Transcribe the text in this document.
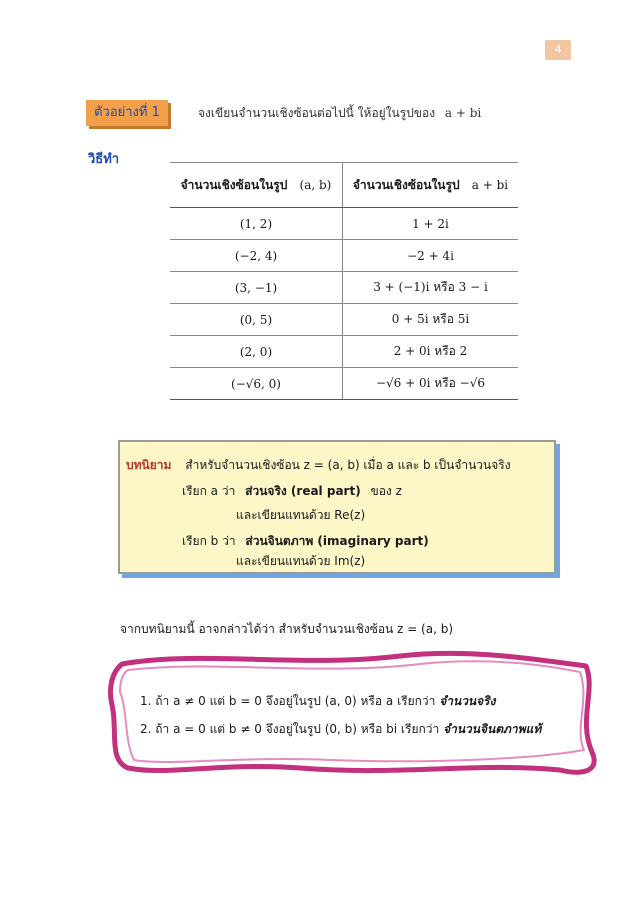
4
ตัวอย่างที่ 1	จงเขียนจำนวนเชิงซ้อนต่อไปนี้ ให้อยู่ในรูปของ a + bi
วิธีทำ
จำนวนเชิงซ้อนในรูป (a, b)	จำนวนเชิงซ้อนในรูป a + bi
(1, 2)	1 + 2i
(−2, 4)	−2 + 4i
(3, −1)	3 + (−1)i หรือ 3 − i
(0, 5)	0 + 5i หรือ 5i
(2, 0)	2 + 0i หรือ 2
(−√6, 0)	−√6 + 0i หรือ −√6
บทนิยาม สำหรับจำนวนเชิงซ้อน z = (a, b) เมื่อ a และ b เป็นจำนวนจริง
เรียก a ว่า ส่วนจริง (real part) ของ z
และเขียนแทนด้วย Re(z)
เรียก b ว่า ส่วนจินตภาพ (imaginary part)
และเขียนแทนด้วย Im(z)
จากบทนิยามนี้ อาจกล่าวได้ว่า สำหรับจำนวนเชิงซ้อน z = (a, b)
1. ถ้า a ≠ 0 แต่ b = 0 จึงอยู่ในรูป (a, 0) หรือ a เรียกว่า จำนวนจริง
2. ถ้า a = 0 แต่ b ≠ 0 จึงอยู่ในรูป (0, b) หรือ bi เรียกว่า จำนวนจินตภาพแท้
